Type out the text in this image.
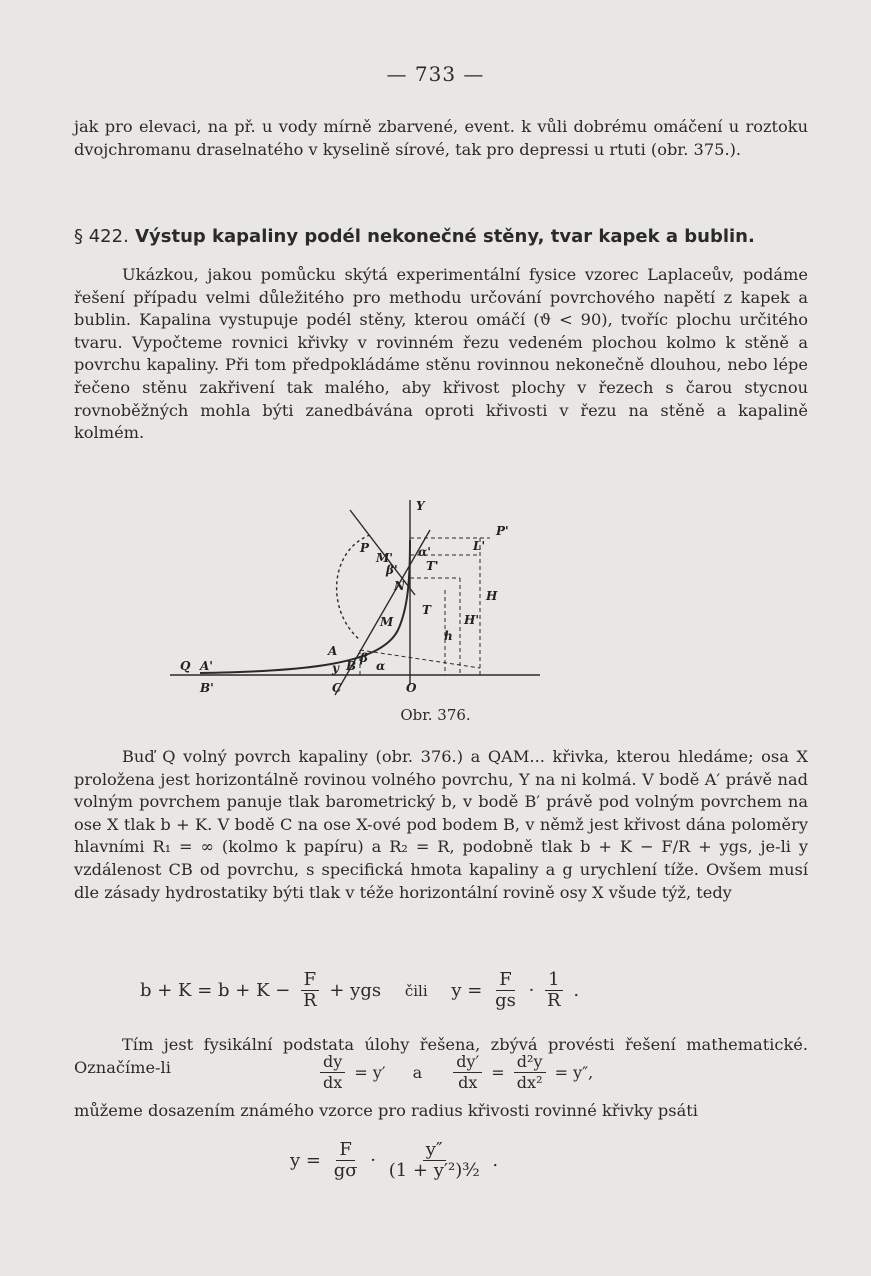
— 733 —
jak pro elevaci, na př. u vody mírně zbarvené, event. k vůli dobrému omáčení u roztoku dvojchromanu draselnatého v kyselině sírové, tak pro depressi u rtuti (obr. 375.).
§ 422. Výstup kapaliny podél nekonečné stěny, tvar kapek a bublin.
Ukázkou, jakou pomůcku skýtá experimentální fysice vzorec Laplaceův, podáme řešení případu velmi důležitého pro methodu určování povrchového napětí z kapek a bublin. Kapalina vystupuje podél stěny, kterou omáčí (ϑ < 90), tvoříc plochu určitého tvaru. Vypočteme rovnici křivky v rovinném řezu vedeném plochou kolmo k stěně a povrchu kapaliny. Při tom předpokládáme stěnu rovinnou nekonečně dlouhou, nebo lépe řečeno stěnu zakřivení tak malého, aby křivost plochy v řezech s čarou stycnou rovnoběžných mohla býti zanedbávána oproti křivosti v řezu na stěně a kapalině kolmém.
Y
P'
L'
P
M' α'
β' T'
N
H
T
H'
M
h
A
Q A'	y B
β
α
B'	C	O
Obr. 376.
Buď Q volný povrch kapaliny (obr. 376.) a QAM... křivka, kterou hledáme; osa X proložena jest horizontálně rovinou volného povrchu, Y na ni kolmá. V bodě A′ právě nad volným povrchem panuje tlak barometrický b, v bodě B′ právě pod volným povrchem na ose X tlak b + K. V bodě C na ose X-ové pod bodem B, v němž jest křivost dána poloměry hlavními R₁ = ∞ (kolmo k papíru) a R₂ = R, podobně tlak b + K − F/R + ygs, je-li y vzdálenost CB od povrchu, s specifická hmota kapaliny a g urychlení tíže. Ovšem musí dle zásady hydrostatiky býti tlak v téže horizontální rovině osy X všude týž, tedy
$b + K = b + K - \frac{F}{R}$ + ygs čili $y = \frac{F}{gs} \cdot \frac{1}{R}$ .
Tím jest fysikální podstata úlohy řešena, zbývá provésti řešení mathematické. Označíme-li	$\frac{dy}{dx} = y'$ a $\frac{dy'}{dx} = \frac{\text{d²y}}{\text{dx²}} = y''$,
můžeme dosazením známého vzorce pro radius křivosti rovinné křivky psáti
$y = \frac{F}{g\sigma} \cdot \frac{y''}{\text{(1 + y′²)³⁄₂}}$ .
